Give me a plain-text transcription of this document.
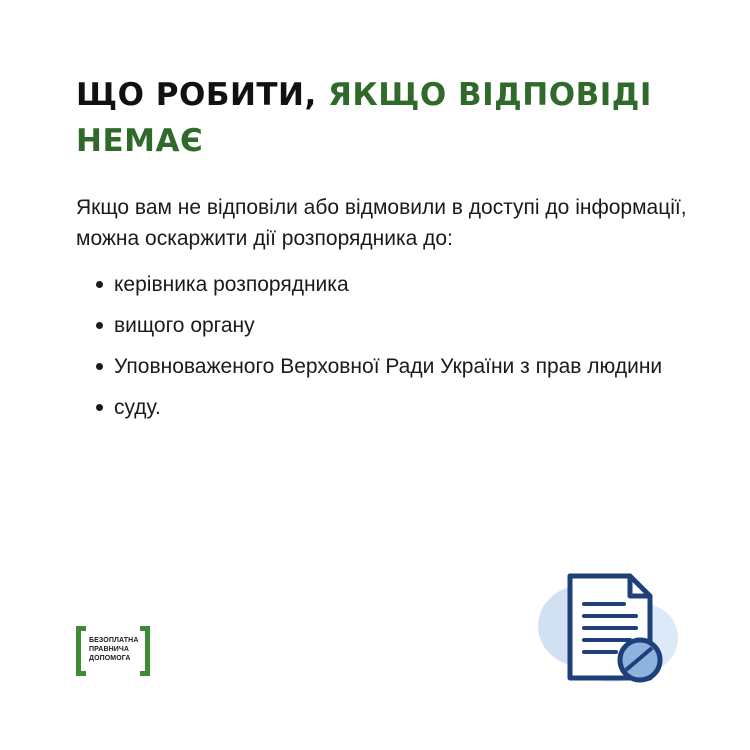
ЩО РОБИТИ, ЯКЩО ВІДПОВІДІ НЕМАЄ

Якщо вам не відповіли або відмовили в доступі до інформації, можна оскаржити дії розпорядника до:

керівника розпорядника
вищого органу
Уповноваженого Верховної Ради України з прав людини
суду.
БЕЗОПЛАТНА
ПРАВНИЧА
ДОПОМОГА
